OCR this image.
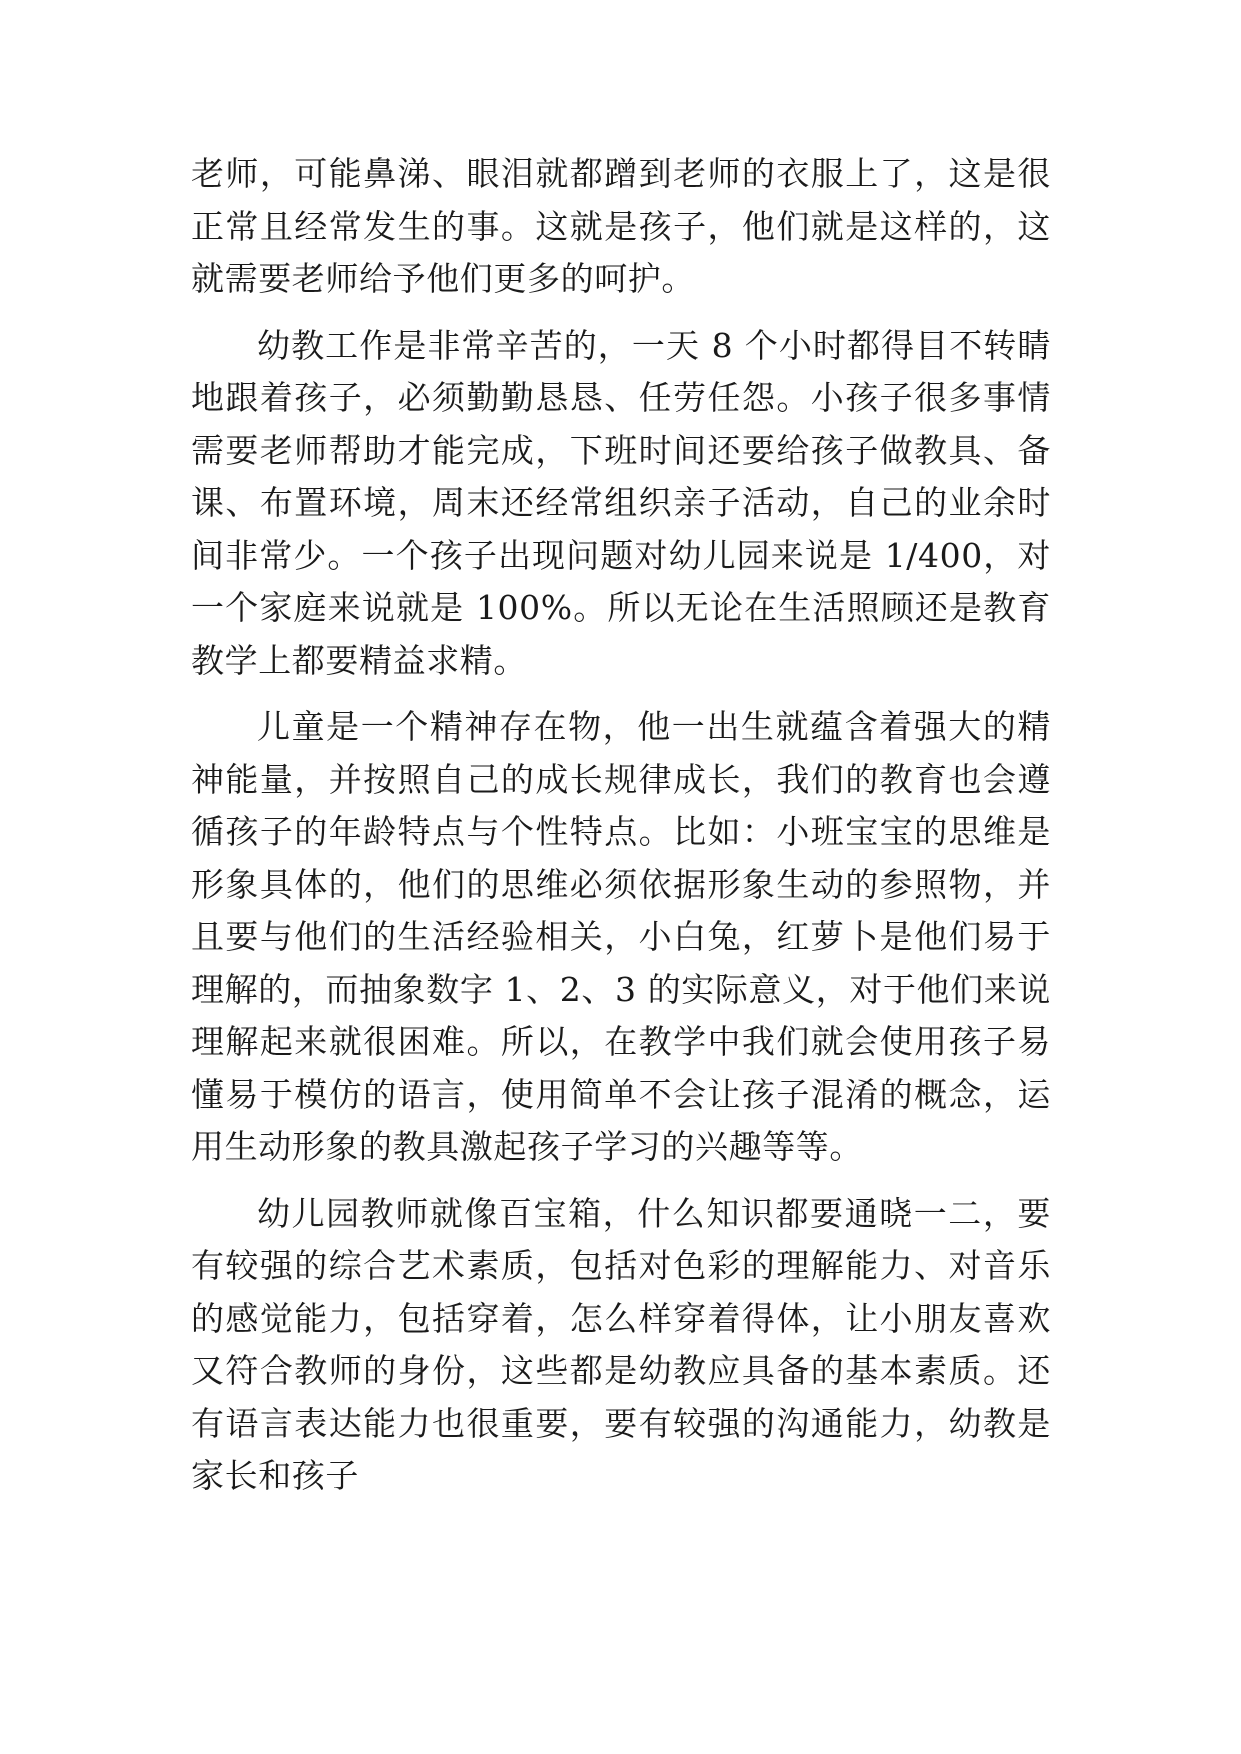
老师，可能鼻涕、眼泪就都蹭到老师的衣服上了，这是很正常且经常发生的事。这就是孩子，他们就是这样的，这就需要老师给予他们更多的呵护。

幼教工作是非常辛苦的，一天 8 个小时都得目不转睛地跟着孩子，必须勤勤恳恳、任劳任怨。小孩子很多事情需要老师帮助才能完成，下班时间还要给孩子做教具、备课、布置环境，周末还经常组织亲子活动，自己的业余时间非常少。一个孩子出现问题对幼儿园来说是 1/400，对一个家庭来说就是 100%。所以无论在生活照顾还是教育教学上都要精益求精。

儿童是一个精神存在物，他一出生就蕴含着强大的精神能量，并按照自己的成长规律成长，我们的教育也会遵循孩子的年龄特点与个性特点。比如：小班宝宝的思维是形象具体的，他们的思维必须依据形象生动的参照物，并且要与他们的生活经验相关，小白兔，红萝卜是他们易于理解的，而抽象数字 1、2、3 的实际意义，对于他们来说理解起来就很困难。所以，在教学中我们就会使用孩子易懂易于模仿的语言，使用简单不会让孩子混淆的概念，运用生动形象的教具激起孩子学习的兴趣等等。

幼儿园教师就像百宝箱，什么知识都要通晓一二，要有较强的综合艺术素质，包括对色彩的理解能力、对音乐的感觉能力，包括穿着，怎么样穿着得体，让小朋友喜欢又符合教师的身份，这些都是幼教应具备的基本素质。还有语言表达能力也很重要，要有较强的沟通能力，幼教是家长和孩子
